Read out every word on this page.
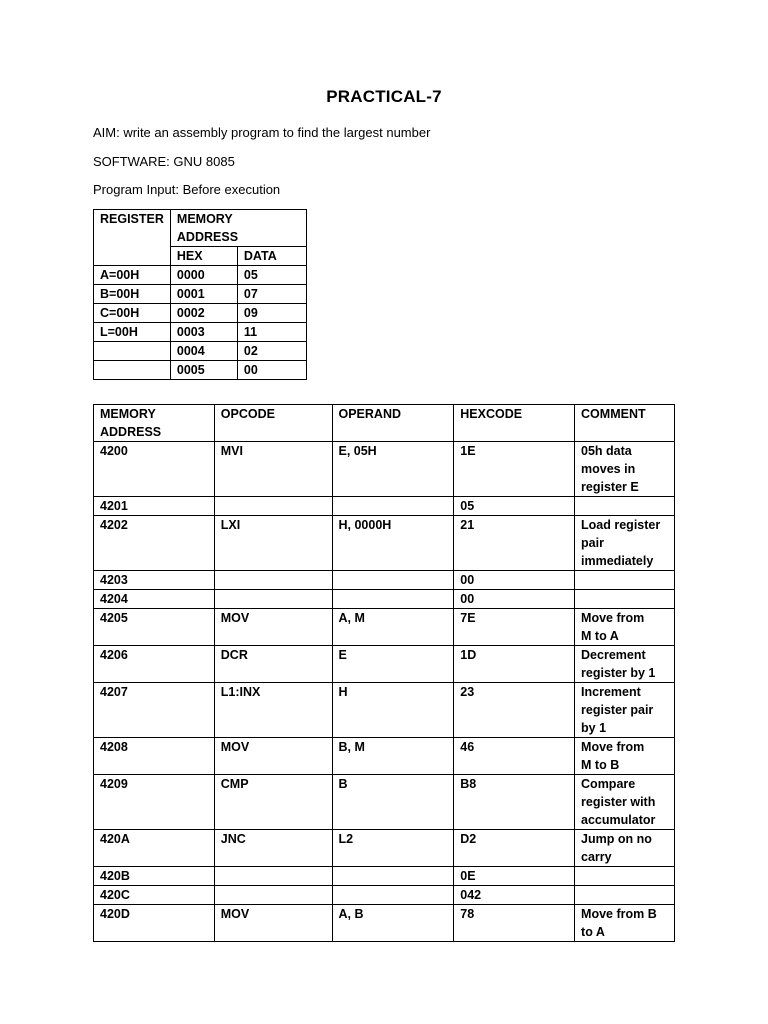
PRACTICAL-7
AIM: write an assembly program to find the largest number
SOFTWARE: GNU 8085
Program Input: Before execution
REGISTER	MEMORY
ADDRESS	

	HEX	DATA
A=00H	0000	05
B=00H	0001	07
C=00H	0002	09
L=00H	0003	11
	0004	02
	0005	00
MEMORY
ADDRESS	OPCODE	OPERAND	HEXCODE	COMMENT
4200	MVI	E, 05H	1E	05h data
moves in
register E

4201			05	

4202	LXI	H, 0000H	21	Load register
pair
immediately

4203			00	

4204			00	

4205	MOV	A, M	7E	Move from
M to A

4206	DCR	E	1D	Decrement
register by 1

4207	L1:INX	H	23	Increment
register pair
by 1

4208	MOV	B, M	46	Move from
M to B

4209	CMP	B	B8	Compare
register with
accumulator

420A	JNC	L2	D2	Jump on no
carry

420B			0E	

420C			042	

420D	MOV	A, B	78	Move from B
to A
